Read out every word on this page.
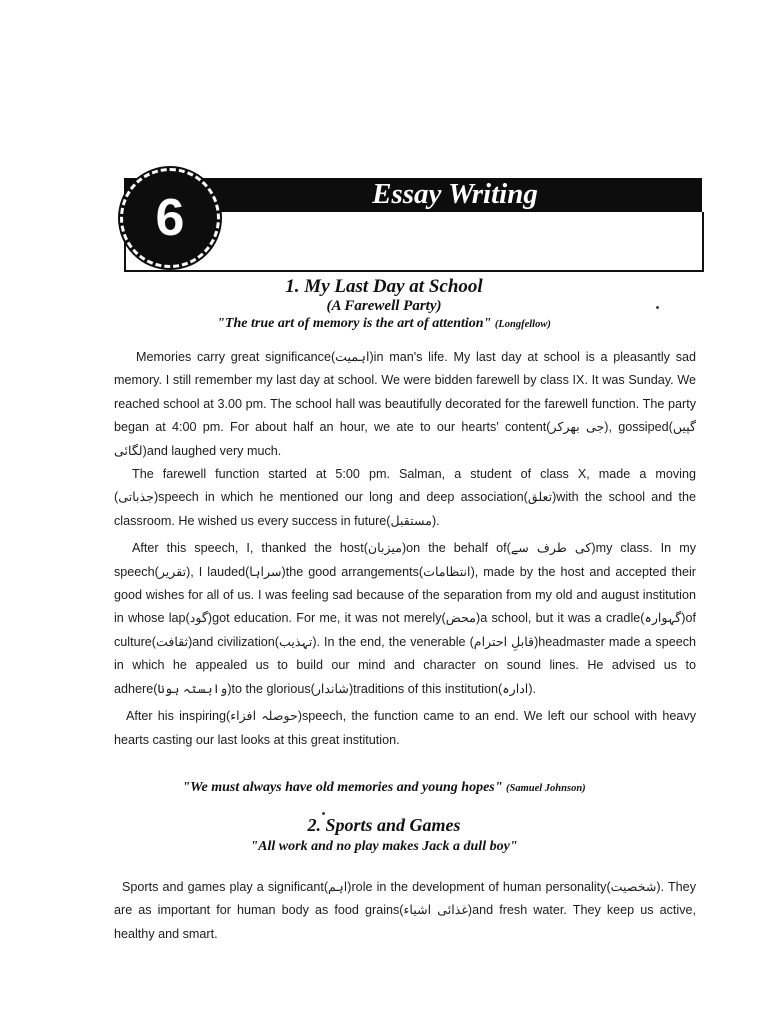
Essay Writing
6
1. My Last Day at School
(A Farewell Party)
"The true art of memory is the art of attention" (Longfellow)

Memories carry great significance(اہمیت)in man's life. My last day at school is a pleasantly sad memory. I still remember my last day at school. We were bidden farewell by class IX. It was Sunday. We reached school at 3.00 pm. The school hall was beautifully decorated for the farewell function. The party began at 4:00 pm. For about half an hour, we ate to our hearts' content(جی بھرکر), gossiped(گپیں لگائی)and laughed very much.

The farewell function started at 5:00 pm. Salman, a student of class X, made a moving (جذباتی)speech in which he mentioned our long and deep association(تعلق)with the school and the classroom. He wished us every success in future(مستقبل).

After this speech, I, thanked the host(میزبان)on the behalf of(کی طرف سے)my class. In my speech(تقریر), I lauded(سراہا)the good arrangements(انتظامات), made by the host and accepted their good wishes for all of us. I was feeling sad because of the separation from my old and august institution in whose lap(گود)got education. For me, it was not merely(محض)a school, but it was a cradle(گہوارہ)of culture(ثقافت)and civilization(تہذیب). In the end, the venerable (قابلِ احترام)headmaster made a speech in which he appealed us to build our mind and character on sound lines. He advised us to adhere(وابستہ ہونا)to the glorious(شاندار)traditions of this institution(ادارہ).

After his inspiring(حوصلہ افزاء)speech, the function came to an end. We left our school with heavy hearts casting our last looks at this great institution.

"We must always have old memories and young hopes" (Samuel Johnson)
2. Sports and Games
"All work and no play makes Jack a dull boy"

Sports and games play a significant(اہم)role in the development of human personality(شخصیت). They are as important for human body as food grains(غذائی اشیاء)and fresh water. They keep us active, healthy and smart.
